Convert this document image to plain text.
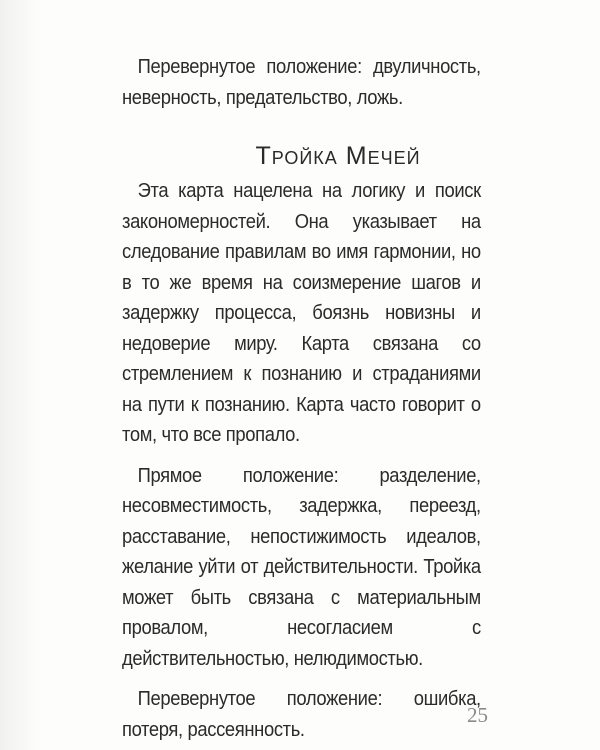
Перевернутое положение: двуличность, неверность, предательство, ложь.

Тройка Мечей

Эта карта нацелена на логику и поиск закономерностей. Она указывает на следование правилам во имя гармонии, но в то же время на соизмерение шагов и задержку процесса, боязнь новизны и недоверие миру. Карта связана со стремлением к познанию и страданиями на пути к познанию. Карта часто говорит о том, что все пропало.

Прямое положение: разделение, несовместимость, задержка, переезд, расставание, непостижимость идеалов, желание уйти от действительности. Тройка может быть связана с материальным провалом, несогласием с действительностью, нелюдимостью.

Перевернутое положение: ошибка, потеря, рассеянность.

25
